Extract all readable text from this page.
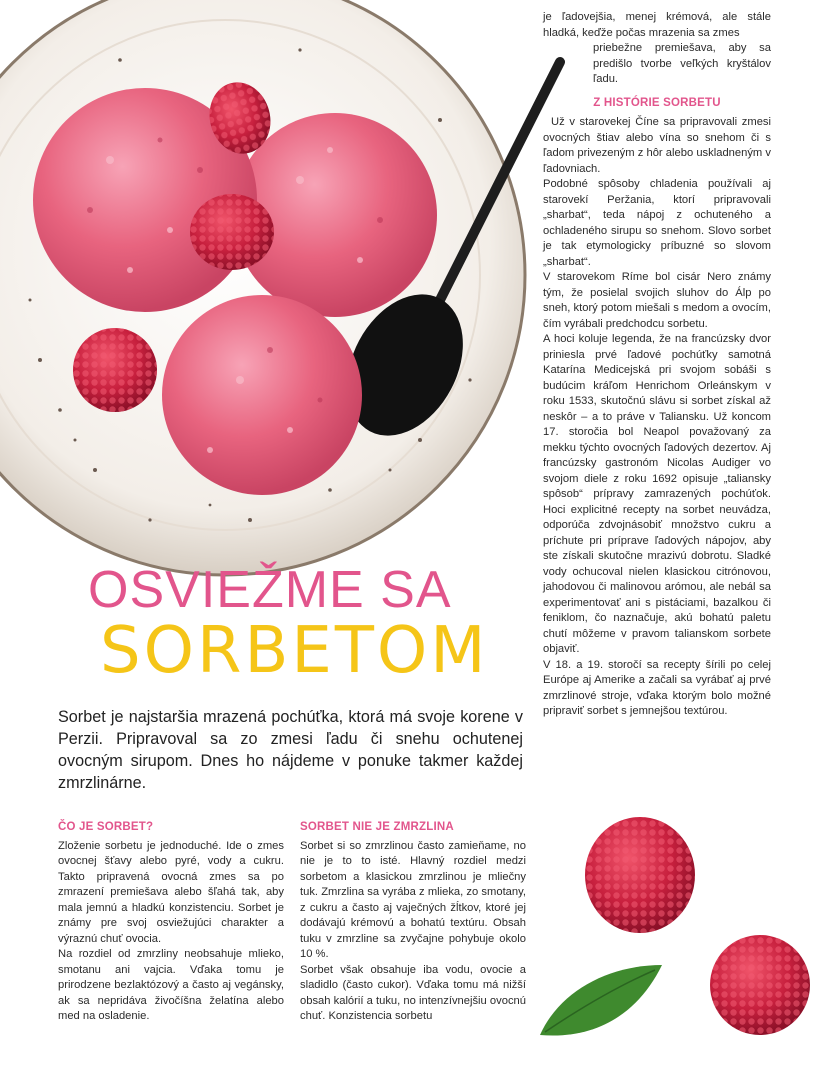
OSVIEŽME SA
SORBETOM
Sorbet je najstaršia mrazená pochúťka, ktorá má svoje korene v Perzii. Pripravoval sa zo zmesi ľadu či snehu ochutenej ovocným sirupom. Dnes ho nájdeme v ponuke takmer každej zmrzlinárne.
ČO JE SORBET?

Zloženie sorbetu je jednoduché. Ide o zmes ovocnej šťavy alebo pyré, vody a cukru. Takto pripravená ovocná zmes sa po zmrazení premiešava alebo šľahá tak, aby mala jemnú a hladkú konzistenciu. Sorbet je známy pre svoj osviežujúci charakter a výraznú chuť ovocia.

Na rozdiel od zmrzliny neobsahuje mlieko, smotanu ani vajcia. Vďaka tomu je prirodzene bezlaktózový a často aj vegánsky, ak sa nepridáva živočíšna želatína alebo med na osladenie.

SORBET NIE JE ZMRZLINA

Sorbet si so zmrzlinou často zamieňame, no nie je to to isté. Hlavný rozdiel medzi sorbetom a klasickou zmrzlinou je mliečny tuk. Zmrzlina sa vyrába z mlieka, zo smotany, z cukru a často aj vaječných žĺtkov, ktoré jej dodávajú krémovú a bohatú textúru. Obsah tuku v zmrzline sa zvyčajne pohybuje okolo 10 %.

Sorbet však obsahuje iba vodu, ovocie a sladidlo (často cukor). Vďaka tomu má nižší obsah kalórií a tuku, no intenzívnejšiu ovocnú chuť. Konzistencia sorbetu

je ľadovejšia, menej krémová, ale stále hladká, keďže počas mrazenia sa zmes

priebežne premiešava, aby sa predišlo tvorbe veľkých kryštálov ľadu.

Z HISTÓRIE SORBETU

Už v starovekej Číne sa pripravovali zmesi ovocných štiav alebo vína so snehom či s ľadom privezeným z hôr alebo uskladneným v ľadovniach.

Podobné spôsoby chladenia používali aj starovekí Peržania, ktorí pripravovali „sharbat“, teda nápoj z ochuteného a ochladeného sirupu so snehom. Slovo sorbet je tak etymologicky príbuzné so slovom „sharbat“.

V starovekom Ríme bol cisár Nero známy tým, že posielal svojich sluhov do Álp po sneh, ktorý potom miešali s medom a ovocím, čím vyrábali predchodcu sorbetu.

A hoci koluje legenda, že na francúzsky dvor priniesla prvé ľadové pochúťky samotná Katarína Medicejská pri svojom sobáši s budúcim kráľom Henrichom Orleánskym v roku 1533, skutočnú slávu si sorbet získal až neskôr – a to práve v Taliansku. Už koncom 17. storočia bol Neapol považovaný za mekku týchto ovocných ľadových dezertov. Aj francúzsky gastronóm Nicolas Audiger vo svojom diele z roku 1692 opisuje „taliansky spôsob“ prípravy zamrazených pochúťok. Hoci explicitné recepty na sorbet neuvádza, odporúča zdvojnásobiť množstvo cukru a príchute pri príprave ľadových nápojov, aby ste získali skutočne mrazivú dobrotu. Sladké vody ochucoval nielen klasickou citrónovou, jahodovou či malinovou arómou, ale nebál sa experimentovať ani s pistáciami, bazalkou či feniklom, čo naznačuje, akú bohatú paletu chutí môžeme v pravom talianskom sorbete objaviť.

V 18. a 19. storočí sa recepty šírili po celej Európe aj Amerike a začali sa vyrábať aj prvé zmrzlinové stroje, vďaka ktorým bolo možné pripraviť sorbet s jemnejšou textúrou.
